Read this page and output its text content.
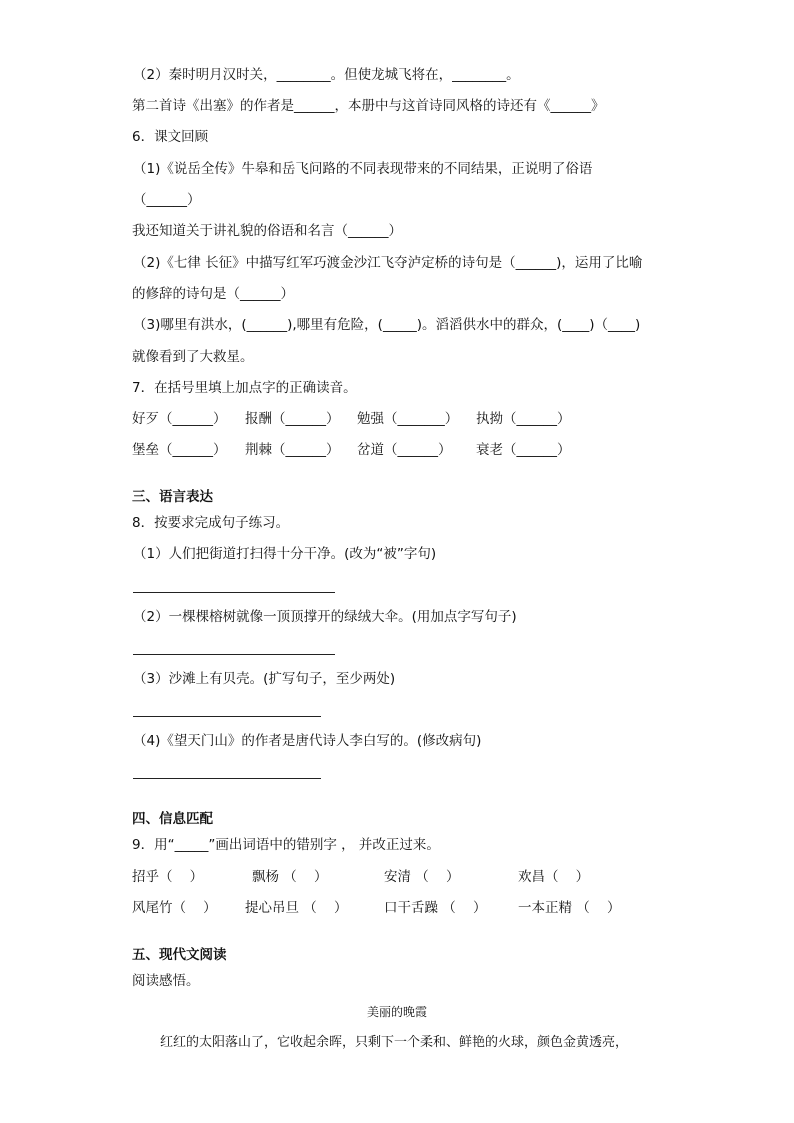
（2）秦时明月汉时关，________。但使龙城飞将在，________。
第二首诗《出塞》的作者是______，本册中与这首诗同风格的诗还有《______》
6．课文回顾
（1)《说岳全传》牛皋和岳飞问路的不同表现带来的不同结果，正说明了俗语
（______）
我还知道关于讲礼貌的俗语和名言（______）
（2)《七律 长征》中描写红军巧渡金沙江飞夺泸定桥的诗句是（______)，运用了比喻
的修辞的诗句是（______）
（3)哪里有洪水，(______),哪里有危险，(_____)。滔滔供水中的群众，(____)（____)
就像看到了大救星。
7．在括号里填上加点字的正确读音。
好歹（______） 报酬（______） 勉强（_______） 执拗（______）
堡垒（______） 荆棘（______） 岔道（______） 衰老（______）
三、语言表达
8．按要求完成句子练习。
（1）人们把街道打扫得十分干净。(改为“被”字句)
（2）一棵棵榕树就像一顶顶撑开的绿绒大伞。(用加点字写句子)
（3）沙滩上有贝壳。(扩写句子，至少两处)
（4)《望天门山》的作者是唐代诗人李白写的。(修改病句)
四、信息匹配
9．用“_____”画出词语中的错别字 ， 并改正过来。
招乎（    ）	飘杨 （    ）	安清 （    ）	欢昌（    ）
风尾竹（    ） 提心吊旦 （    ）	口干舌躁 （    ） 一本正精 （    ）
五、现代文阅读
阅读感悟。
美丽的晚霞
红红的太阳落山了，它收起余晖，只剩下一个柔和、鲜艳的火球，颜色金黄透亮，
